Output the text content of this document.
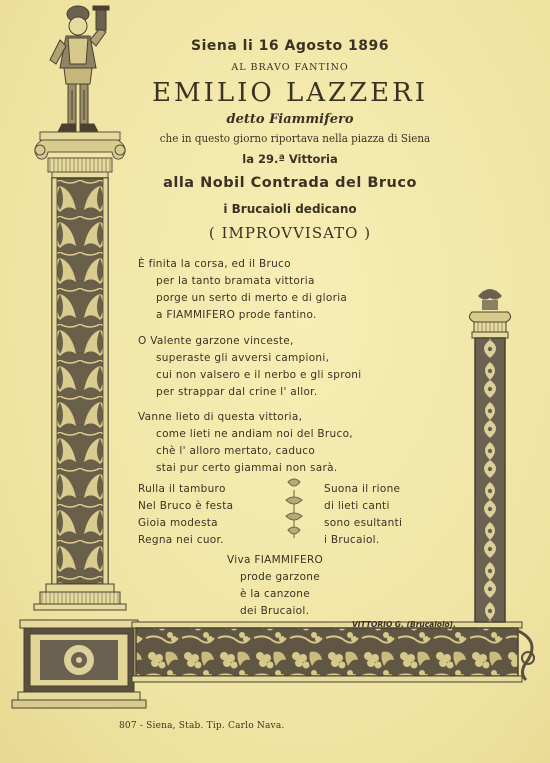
Siena li 16 Agosto 1896
AL BRAVO FANTINO
EMILIO LAZZERI
detto Fiammifero
che in questo giorno riportava nella piazza di Siena
la 29.ª Vittoria
alla Nobil Contrada del Bruco
i Brucaioli dedicano
( IMPROVVISATO )
È finita la corsa, ed il Bruco
per la tanto bramata vittoria
porge un serto di merto e di gloria
a FIAMMIFERO prode fantino.
O Valente garzone vinceste,
superaste gli avversi campioni,
cui non valsero e il nerbo e gli sproni
per strappar dal crine l' allor.
Vanne lieto di questa vittoria,
come lieti ne andiam noi del Bruco,
chè l' alloro mertato, caduco
stai pur certo giammai non sarà.
Rulla il tamburo
Nel Bruco è festa
Gioia modesta
Regna nei cuor.
Suona il rione
di lieti canti
sono esultanti
i Brucaiol.
Viva FIAMMIFERO
prode garzone
è la canzone
dei Brucaiol.
VITTORIO G. (Brucaiolo).
807 - Siena, Stab. Tip. Carlo Nava.
